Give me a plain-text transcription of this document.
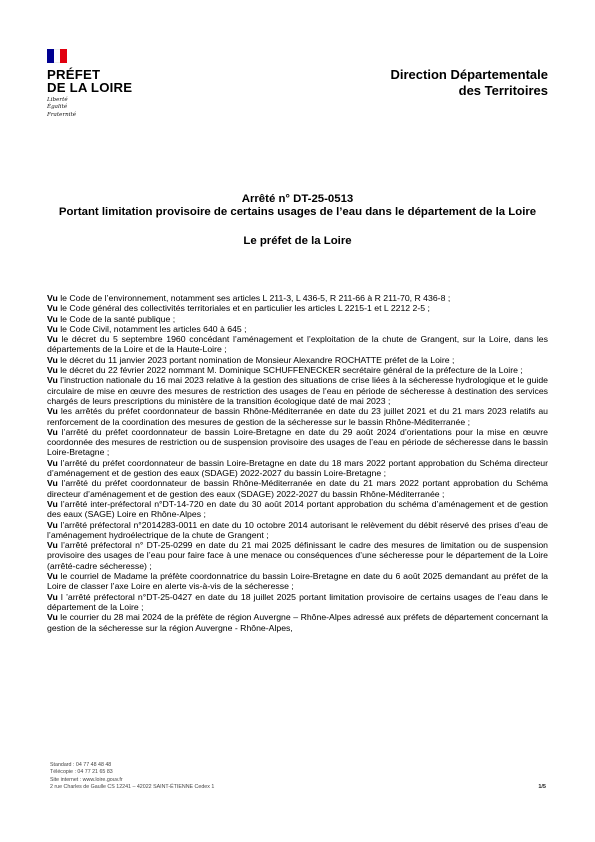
PRÉFET
DE LA LOIRE
Liberté
Égalité
Fraternité
Direction Départementale
des Territoires
Arrêté n° DT-25-0513
Portant limitation provisoire de certains usages de l’eau dans le département de la Loire
Le préfet de la Loire

Vu le Code de l’environnement, notamment ses articles L 211-3, L 436-5, R 211-66 à R 211-70, R 436-8 ;

Vu le Code général des collectivités territoriales et en particulier les articles L 2215-1 et L 2212 2-5 ;

Vu le Code de la santé publique ;

Vu le Code Civil, notamment les articles 640 à 645 ;

Vu le décret du 5 septembre 1960 concédant l’aménagement et l’exploitation de la chute de Grangent, sur la Loire, dans les départements de la Loire et de la Haute-Loire ;

Vu le décret du 11 janvier 2023 portant nomination de Monsieur Alexandre ROCHATTE préfet de la Loire ;

Vu le décret du 22 février 2022 nommant M. Dominique SCHUFFENECKER secrétaire général de la préfecture de la Loire ;

Vu l’instruction nationale du 16 mai 2023 relative à la gestion des situations de crise liées à la sécheresse hydrologique et le guide circulaire de mise en œuvre des mesures de restriction des usages de l’eau en période de sécheresse à destination des services chargés de leurs prescriptions du ministère de la transition écologique daté de mai 2023 ;

Vu les arrêtés du préfet coordonnateur de bassin Rhône-Méditerranée en date du 23 juillet 2021 et du 21 mars 2023 relatifs au renforcement de la coordination des mesures de gestion de la sécheresse sur le bassin Rhône-Méditerranée ;

Vu l’arrêté du préfet coordonnateur de bassin Loire-Bretagne en date du 29 août 2024 d’orientations pour la mise en œuvre coordonnée des mesures de restriction ou de suspension provisoire des usages de l’eau en période de sécheresse dans le bassin Loire-Bretagne ;

Vu l’arrêté du préfet coordonnateur de bassin Loire-Bretagne en date du 18 mars 2022 portant approbation du Schéma directeur d’aménagement et de gestion des eaux (SDAGE) 2022-2027 du bassin Loire-Bretagne ;

Vu l’arrêté du préfet coordonnateur de bassin Rhône-Méditerranée en date du 21 mars 2022 portant approbation du Schéma directeur d’aménagement et de gestion des eaux (SDAGE) 2022-2027 du bassin Rhône-Méditerranée ;

Vu l’arrêté inter-préfectoral n°DT-14-720 en date du 30 août 2014 portant approbation du schéma d’aménagement et de gestion des eaux (SAGE) Loire en Rhône-Alpes ;

Vu l’arrêté préfectoral n°2014283-0011 en date du 10 octobre 2014 autorisant le relèvement du débit réservé des prises d’eau de l’aménagement hydroélectrique de la chute de Grangent ;

Vu l’arrêté préfectoral n° DT-25-0299 en date du 21 mai 2025 définissant le cadre des mesures de limitation ou de suspension provisoire des usages de l’eau pour faire face à une menace ou conséquences d’une sécheresse pour le département de la Loire (arrêté-cadre sécheresse) ;

Vu le courriel de Madame la préfète coordonnatrice du bassin Loire-Bretagne en date du 6 août 2025 demandant au préfet de la Loire de classer l’axe Loire en alerte vis-à-vis de la sécheresse ;

Vu l ’arrêté préfectoral n°DT-25-0427 en date du 18 juillet 2025 portant limitation provisoire de certains usages de l’eau dans le département de la Loire ;

Vu le courrier du 28 mai 2024 de la préfète de région Auvergne – Rhône-Alpes adressé aux préfets de département concernant la gestion de la sécheresse sur la région Auvergne - Rhône-Alpes,

Standard : 04 77 48 48 48
Télécopie : 04 77 21 65 83
Site internet : www.loire.gouv.fr
2 rue Charles de Gaulle CS 12241 – 42022 SAINT-ÉTIENNE Cedex 1	1/5
